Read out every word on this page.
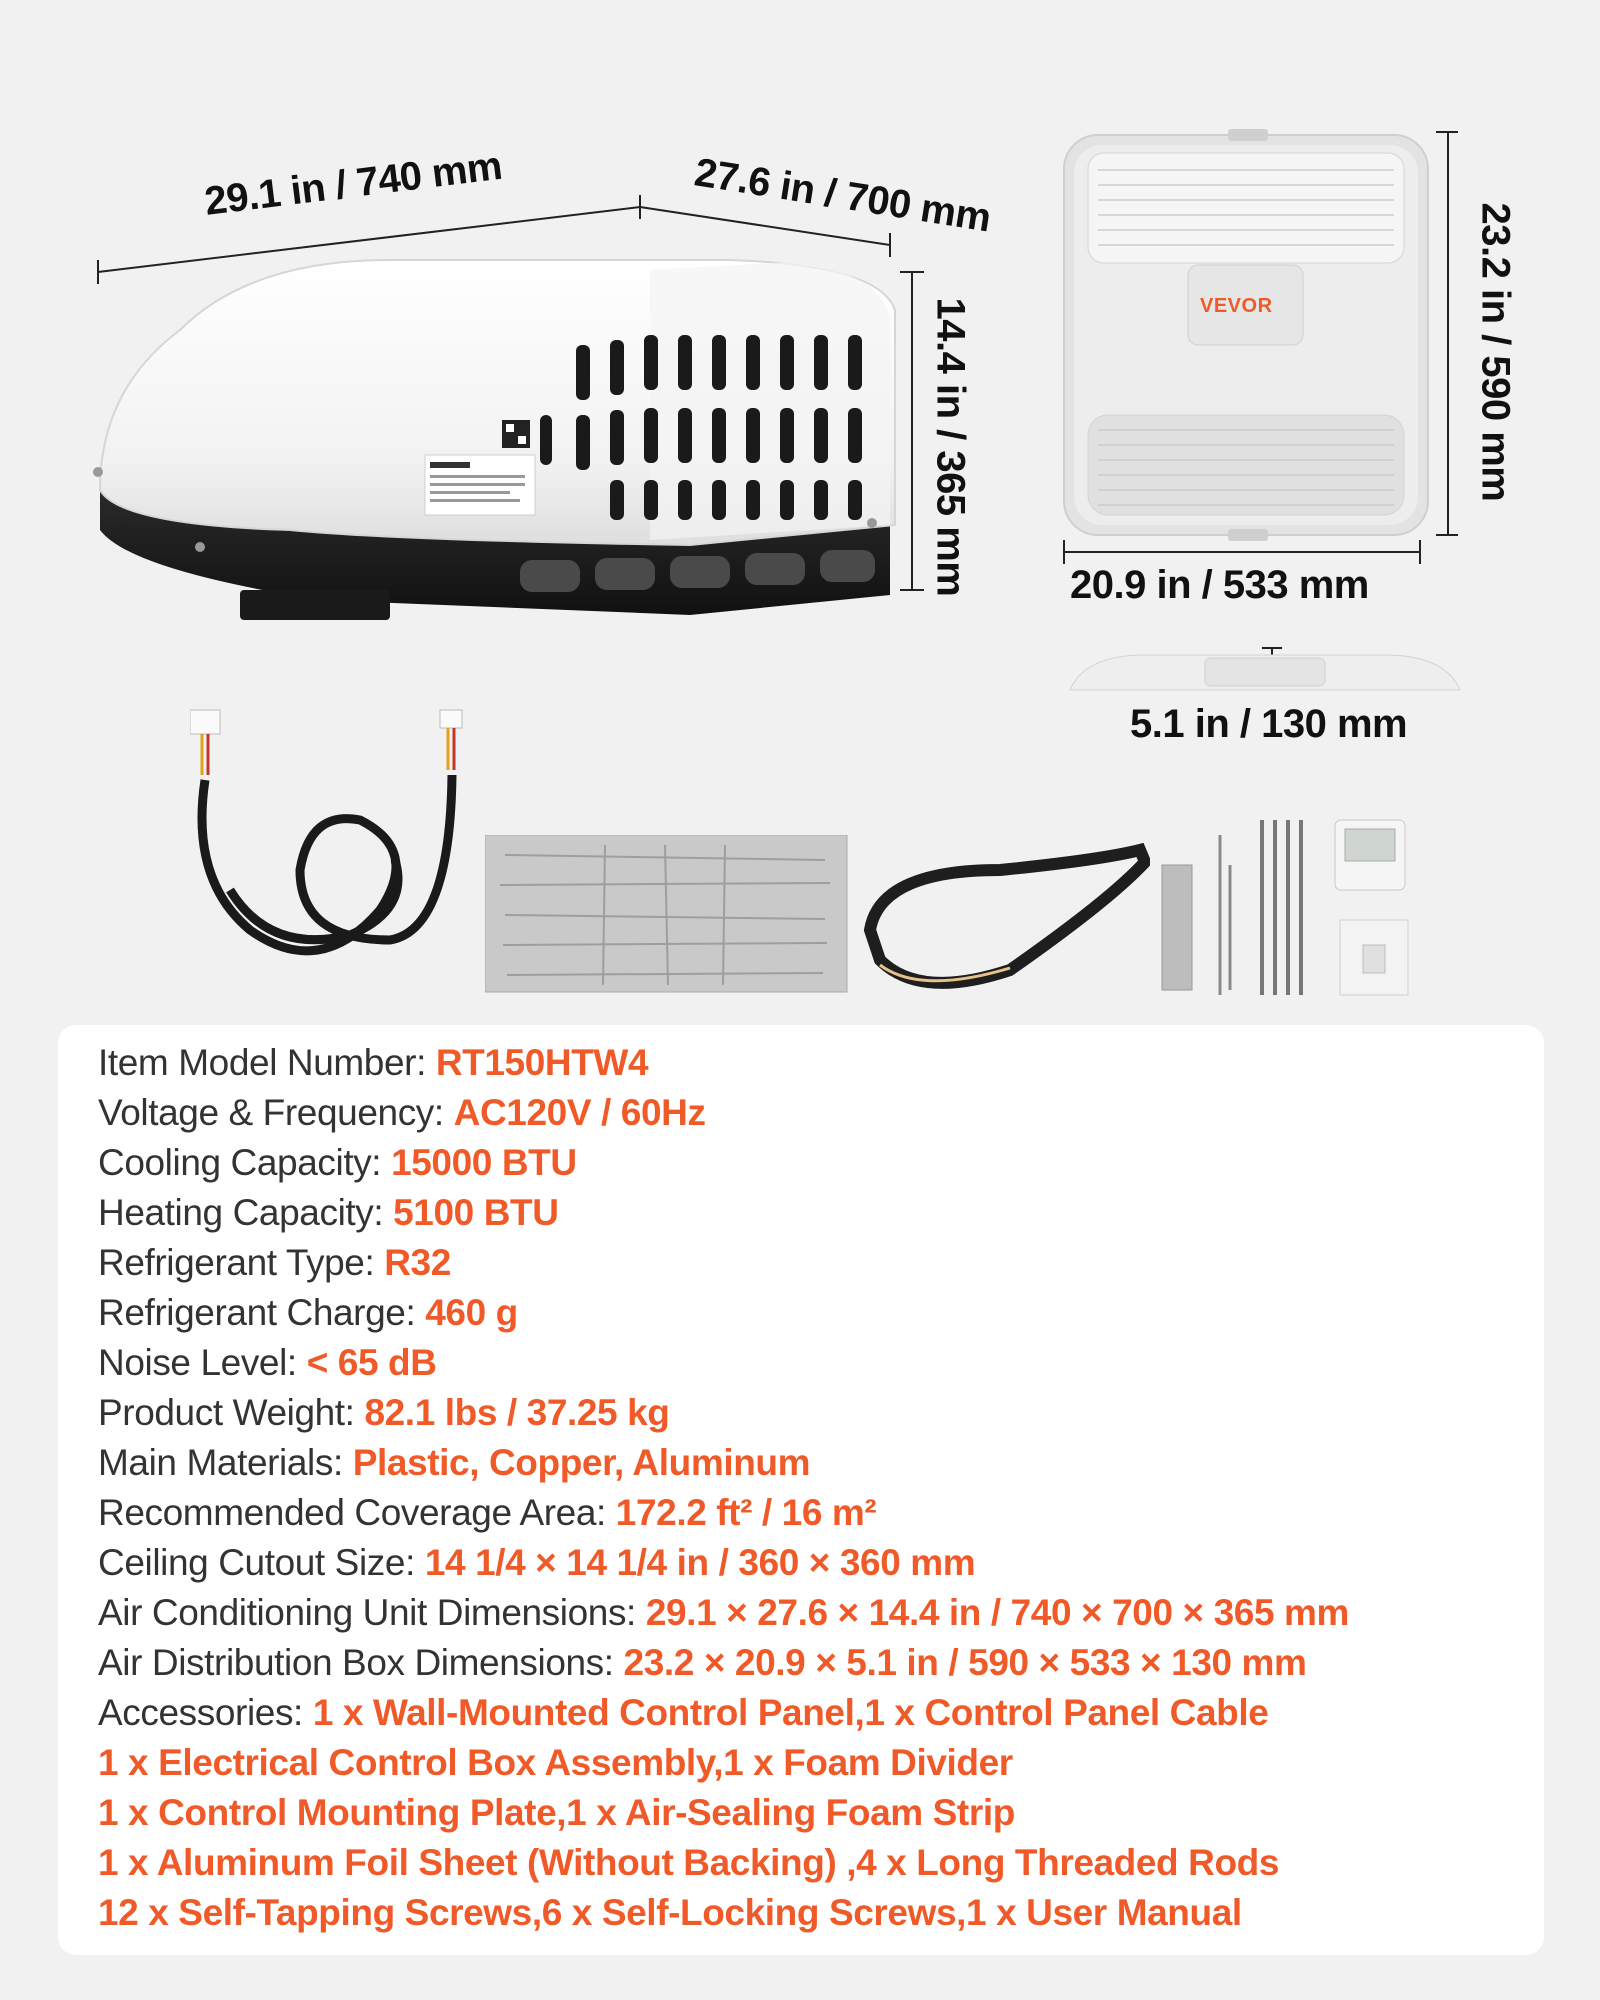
29.1 in / 740 mm	27.6 in / 700 mm
14.4 in / 365 mm	VEVOR	23.2 in / 590 mm
20.9 in / 533 mm
5.1 in / 130 mm
Item Model Number: RT150HTW4
Voltage & Frequency: AC120V / 60Hz
Cooling Capacity: 15000 BTU
Heating Capacity: 5100 BTU
Refrigerant Type: R32
Refrigerant Charge: 460 g
Noise Level: < 65 dB
Product Weight: 82.1 lbs / 37.25 kg
Main Materials: Plastic, Copper, Aluminum
Recommended Coverage Area: 172.2 ft² / 16 m²
Ceiling Cutout Size: 14 1/4 × 14 1/4 in / 360 × 360 mm
Air Conditioning Unit Dimensions: 29.1 × 27.6 × 14.4 in / 740 × 700 × 365 mm
Air Distribution Box Dimensions: 23.2 × 20.9 × 5.1 in / 590 × 533 × 130 mm
Accessories: 1 x Wall-Mounted Control Panel,1 x Control Panel Cable
1 x Electrical Control Box Assembly,1 x Foam Divider
1 x Control Mounting Plate,1 x Air-Sealing Foam Strip
1 x Aluminum Foil Sheet (Without Backing) ,4 x Long Threaded Rods
12 x Self-Tapping Screws,6 x Self-Locking Screws,1 x User Manual
